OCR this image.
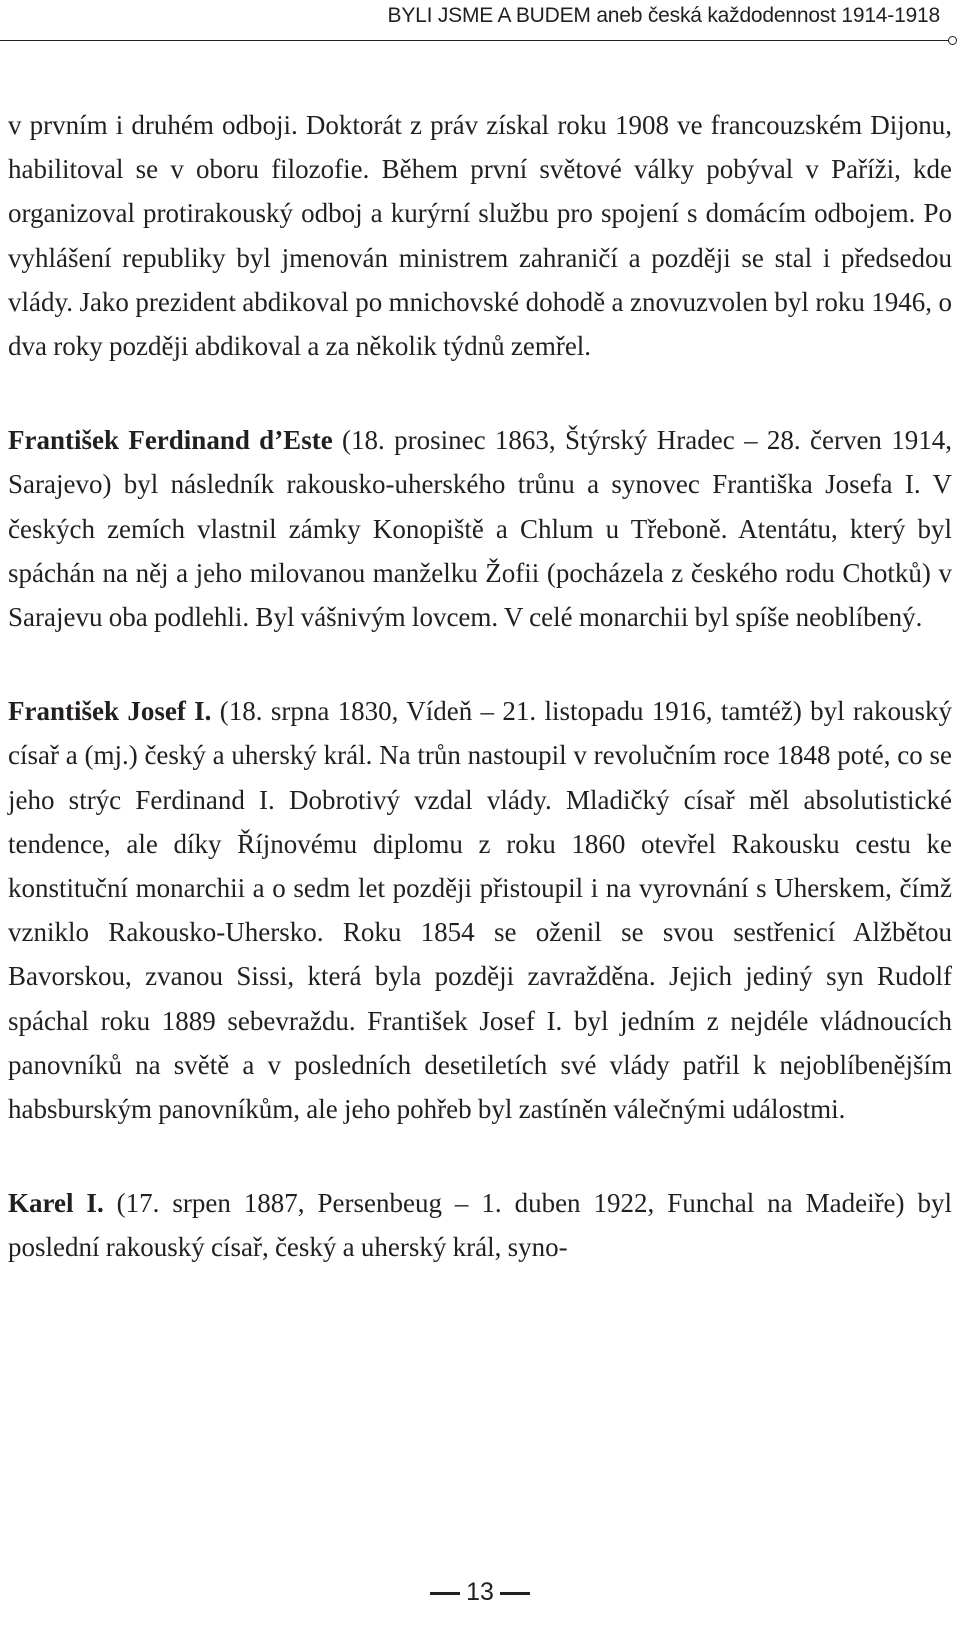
BYLI JSME A BUDEM aneb česká každodennost 1914-1918

v prvním i druhém odboji. Doktorát z práv získal roku 1908 ve francouzském Dijonu, habilitoval se v oboru filozofie. Během první světové války pobýval v Paříži, kde organizoval protirakouský odboj a kurýrní službu pro spojení s domácím odbojem. Po vyhlášení republiky byl jmenován ministrem zahraničí a později se stal i předsedou vlády. Jako prezident abdikoval po mnichovské dohodě a znovuzvolen byl roku 1946, o dva roky později abdikoval a za několik týdnů zemřel.

František Ferdinand d’Este (18. prosinec 1863, Štýrský Hradec – 28. červen 1914, Sarajevo) byl následník rakousko-uherského trůnu a synovec Františka Josefa I. V českých zemích vlastnil zámky Konopiště a Chlum u Třeboně. Atentátu, který byl spáchán na něj a jeho milovanou manželku Žofii (pocházela z českého rodu Chotků) v Sarajevu oba podlehli. Byl vášnivým lovcem. V celé monarchii byl spíše neoblíbený.

František Josef I. (18. srpna 1830, Vídeň – 21. listopadu 1916, tamtéž) byl rakouský císař a (mj.) český a uherský král. Na trůn nastoupil v revolučním roce 1848 poté, co se jeho strýc Ferdinand I. Dobrotivý vzdal vlády. Mladičký císař měl absolutistické tendence, ale díky Říjnovému diplomu z roku 1860 otevřel Rakousku cestu ke konstituční monarchii a o sedm let později přistoupil i na vyrovnání s Uherskem, čímž vzniklo Rakousko-Uhersko. Roku 1854 se oženil se svou sestřenicí Alžbětou Bavorskou, zvanou Sissi, která byla později zavražděna. Jejich jediný syn Rudolf spáchal roku 1889 sebevraždu. František Josef I. byl jedním z nejdéle vládnoucích panovníků na světě a v posledních desetiletích své vlády patřil k nejoblíbenějším habsburským panovníkům, ale jeho pohřeb byl zastíněn válečnými událostmi.

Karel I. (17. srpen 1887, Persenbeug – 1. duben 1922, Funchal na Madeiře) byl poslední rakouský císař, český a uherský král, syno-

13
